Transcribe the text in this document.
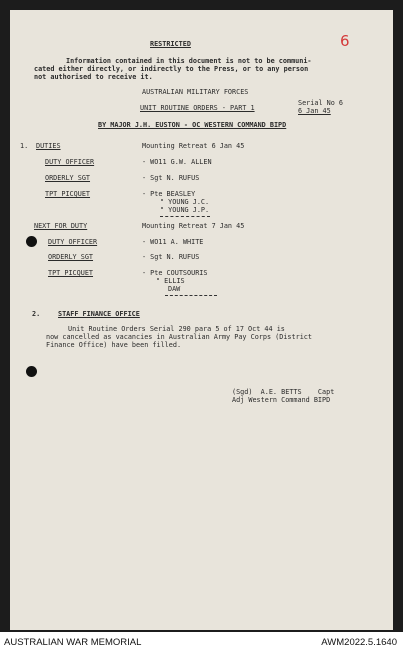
6
RESTRICTED
Information contained in this document is not to be communi-
cated either directly, or indirectly to the Press, or to any person
not authorised to receive it.
AUSTRALIAN MILITARY FORCES
UNIT ROUTINE ORDERS - PART 1
Serial No 6
6 Jan 45
BY MAJOR J.H. EUSTON - OC WESTERN COMMAND BIPD
1. DUTIES	Mounting Retreat 6 Jan 45
DUTY OFFICER	- WO11 G.W. ALLEN
ORDERLY SGT	- Sgt N. RUFUS
TPT PICQUET	- Pte BEASLEY
" YOUNG J.C.
" YOUNG J.P.
NEXT FOR DUTY	Mounting Retreat 7 Jan 45
DUTY OFFICER	- WO11 A. WHITE
ORDERLY SGT	- Sgt N. RUFUS
TPT PICQUET	- Pte COUTSOURIS
" ELLIS
DAW
2.	STAFF FINANCE OFFICE
Unit Routine Orders Serial 290 para 5 of 17 Oct 44 is
now cancelled as vacancies in Australian Army Pay Corps (District
Finance Office) have been filled.
(Sgd)  A.E. BETTS    Capt
Adj Western Command BIPD
AUSTRALIAN WAR MEMORIAL	AWM2022.5.1640
